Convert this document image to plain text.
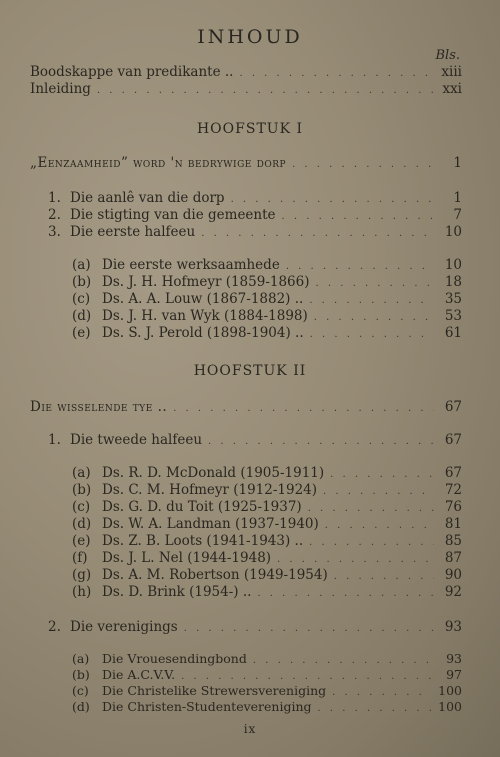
INHOUD
Bls.
Boodskappe van predikante .. . .	xiii
Inleiding . .	xxi
HOOFSTUK I
„Eenzaamheid” word 'n bedrywige dorp . .	1
1. Die aanlê van die dorp . .	1
2. Die stigting van die gemeente . .	7
3. Die eerste halfeeu . .	10
(a) Die eerste werksaamhede . .	10
(b) Ds. J. H. Hofmeyr (1859-1866) . .	18
(c) Ds. A. A. Louw (1867-1882) .. . .	35
(d) Ds. J. H. van Wyk (1884-1898) . .	53
(e) Ds. S. J. Perold (1898-1904) .. . .	61
HOOFSTUK II
Die wisselende tye .. . .	67
1. Die tweede halfeeu . .	67
(a) Ds. R. D. McDonald (1905-1911) . .	67
(b) Ds. C. M. Hofmeyr (1912-1924) . .	72
(c) Ds. G. D. du Toit (1925-1937) . .	76
(d) Ds. W. A. Landman (1937-1940) . .	81
(e) Ds. Z. B. Loots (1941-1943) .. . .	85
(f)	Ds. J. L. Nel (1944-1948) . .	87
(g) Ds. A. M. Robertson (1949-1954) . .	90
(h) Ds. D. Brink (1954-) .. . .	92
2. Die verenigings . .	93
(a)	Die Vrouesendingbond . .	93
(b) Die A.C.V.V. . .	97
(c)	Die Christelike Strewersvereniging . .	100
(d) Die Christen-Studentevereniging . .	100
ix
